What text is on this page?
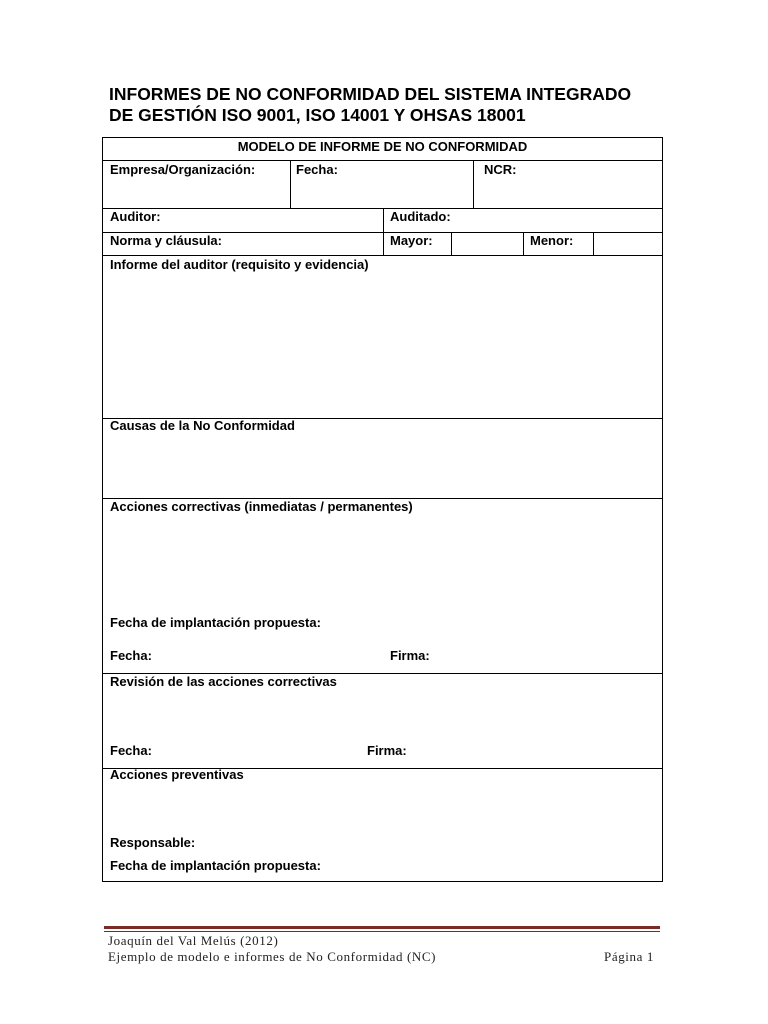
INFORMES DE NO CONFORMIDAD DEL SISTEMA INTEGRADO
DE GESTIÓN ISO 9001, ISO 14001 Y OHSAS 18001
MODELO DE INFORME DE NO CONFORMIDAD
Empresa/Organización:	Fecha:	NCR:
Auditor:	Auditado:
Norma y cláusula:	Mayor:	Menor:
Informe del auditor (requisito y evidencia)
Causas de la No Conformidad
Acciones correctivas (inmediatas / permanentes)
Fecha de implantación propuesta:
Fecha:	Firma:
Revisión de las acciones correctivas
Fecha:	Firma:
Acciones preventivas
Responsable:
Fecha de implantación propuesta:
Joaquín del Val Melús (2012)
Ejemplo de modelo e informes de No Conformidad (NC)	Página 1
